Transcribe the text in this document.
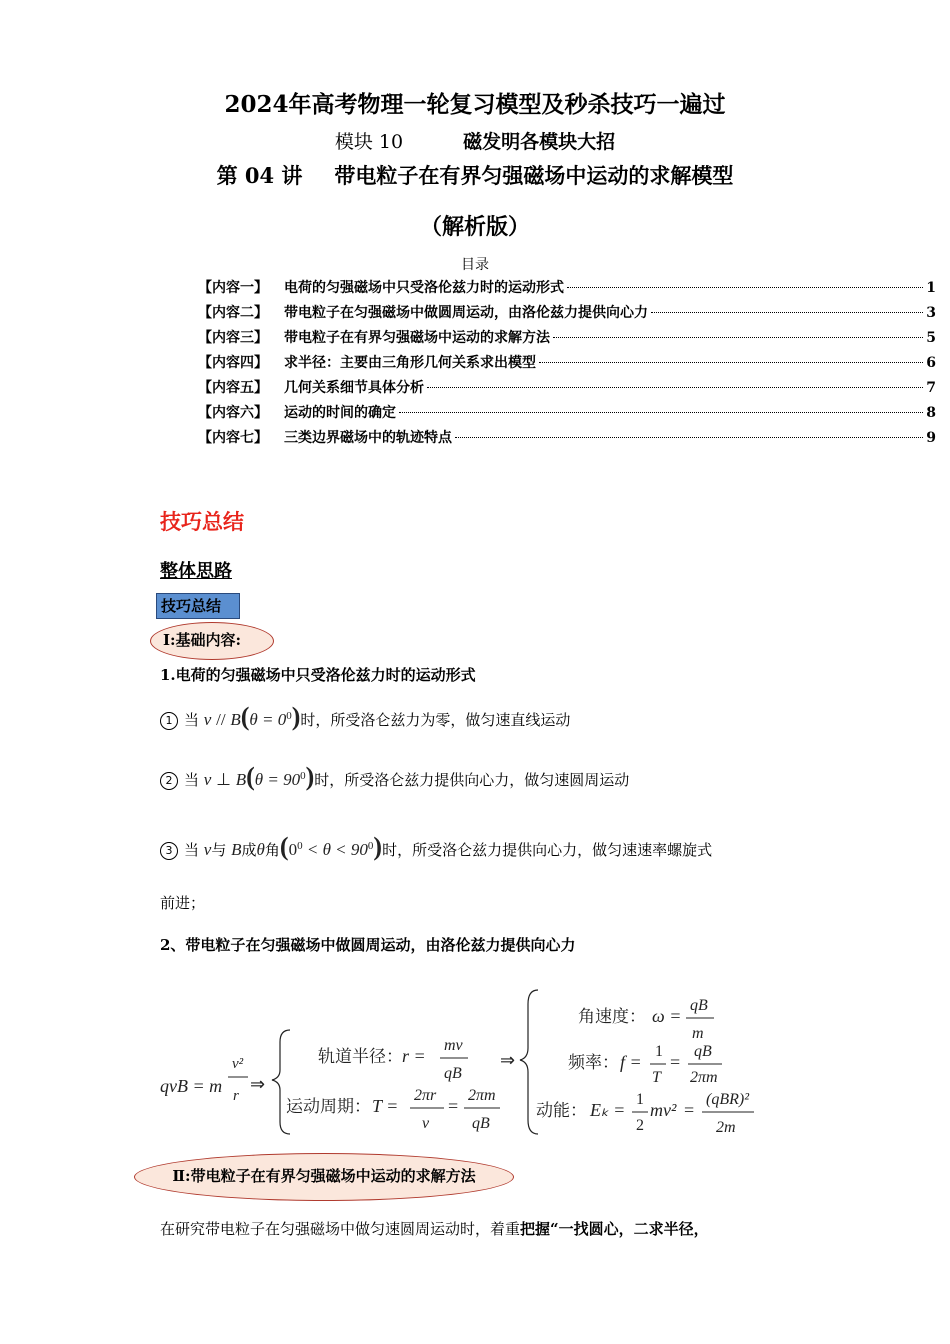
2024年高考物理一轮复习模型及秒杀技巧一遍过
模块 10	磁发明各模块大招
第 04 讲 带电粒子在有界匀强磁场中运动的求解模型
（解析版）
目录
【内容一】	电荷的匀强磁场中只受洛伦兹力时的运动形式	1
【内容二】	带电粒子在匀强磁场中做圆周运动，由洛伦兹力提供向心力	3
【内容三】	带电粒子在有界匀强磁场中运动的求解方法	5
【内容四】	求半径：主要由三角形几何关系求出模型	6
【内容五】	几何关系细节具体分析	7
【内容六】	运动的时间的确定	8
【内容七】	三类边界磁场中的轨迹特点	9
技巧总结
整体思路
技巧总结
Ⅰ:基础内容:
1.电荷的匀强磁场中只受洛伦兹力时的运动形式
1 当 $v // B(\theta = 0^0)$时，所受洛仑兹力为零，做匀速直线运动
2 当 v ⊥ $B(\theta = 90^0)$时，所受洛仑兹力提供向心力，做匀速圆周运动
3 当 v与 B成θ角$(0^0 < \theta < 90^0)$时，所受洛仑兹力提供向心力，做匀速速率螺旋式
前进；
2、带电粒子在匀强磁场中做圆周运动，由洛伦兹力提供向心力
qvB = m
v²
r
⇒
轨道半径： r =
mv
qB
运动周期： T =
2πr
v
=
2πm
qB
⇒
角速度： ω =
qB
m
频率： f =
1
T
=
qB
2πm
动能： Eₖ =
1
2
mv² =
(qBR)²
2m
Ⅱ:带电粒子在有界匀强磁场中运动的求解方法
在研究带电粒子在匀强磁场中做匀速圆周运动时，着重把握“一找圆心，二求半径，
